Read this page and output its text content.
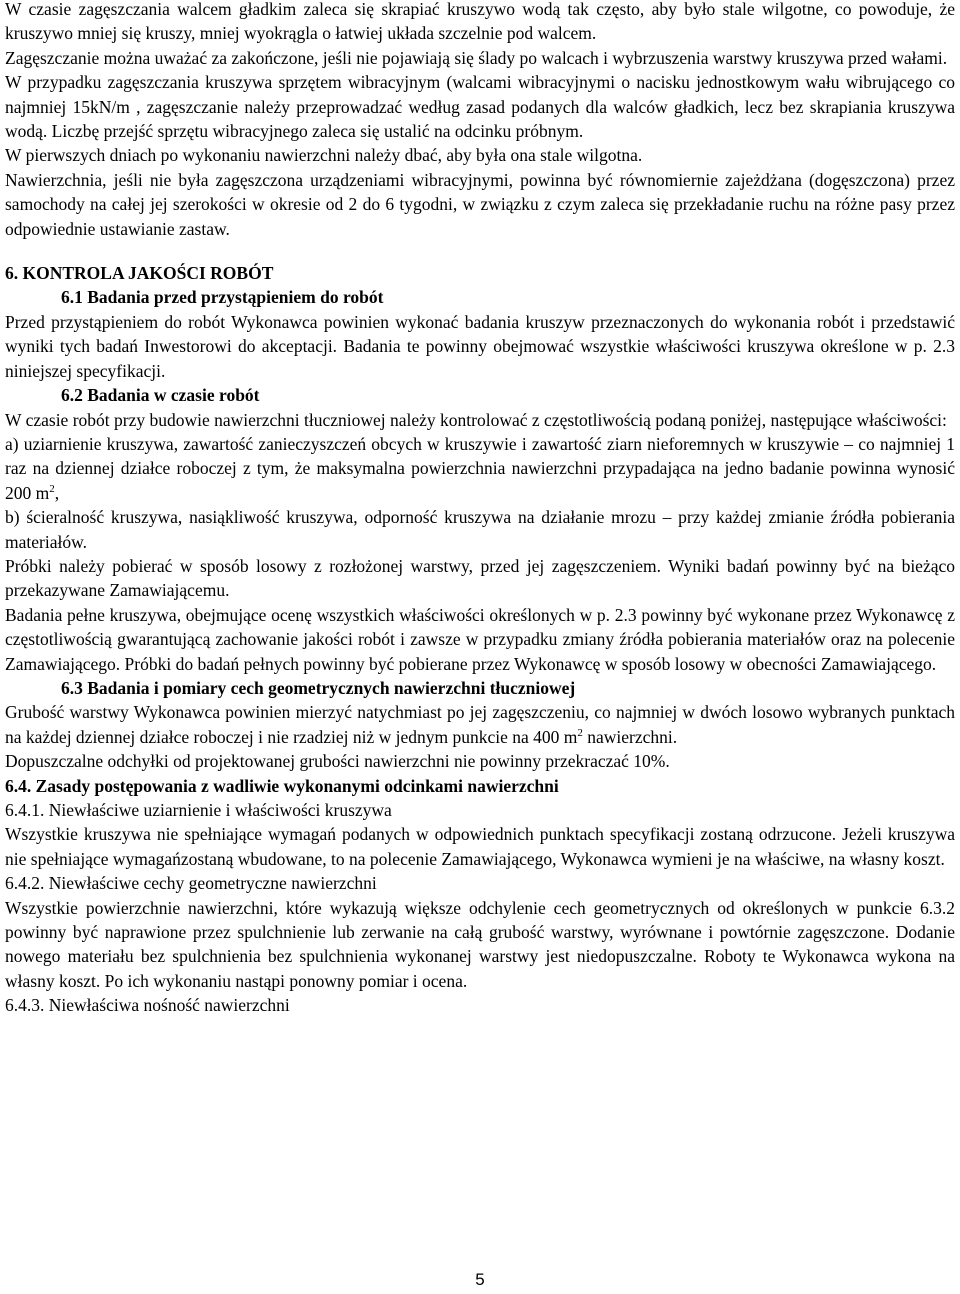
W czasie zagęszczania walcem gładkim zaleca się skrapiać kruszywo wodą tak często, aby było stale wilgotne, co powoduje, że kruszywo mniej się kruszy, mniej wyokrągla o łatwiej układa szczelnie pod walcem.

Zagęszczanie można uważać za zakończone, jeśli nie pojawiają się ślady po walcach i wybrzuszenia warstwy kruszywa przed wałami.

W przypadku zagęszczania kruszywa sprzętem wibracyjnym (walcami wibracyjnymi o nacisku jednostkowym wału wibrującego co najmniej 15kN/m , zagęszczanie należy przeprowadzać według zasad podanych dla walców gładkich, lecz bez skrapiania kruszywa wodą. Liczbę przejść sprzętu wibracyjnego zaleca się ustalić na odcinku próbnym.

W pierwszych dniach po wykonaniu nawierzchni należy dbać, aby była ona stale wilgotna.

Nawierzchnia, jeśli nie była zagęszczona urządzeniami wibracyjnymi, powinna być równomiernie zajeżdżana (dogęszczona) przez samochody na całej jej szerokości w okresie od 2 do 6 tygodni, w związku z czym zaleca się przekładanie ruchu na różne pasy przez odpowiednie ustawianie zastaw.

6. KONTROLA JAKOŚCI ROBÓT
6.1 Badania przed przystąpieniem do robót

Przed przystąpieniem do robót Wykonawca powinien wykonać badania kruszyw przeznaczonych do wykonania robót i przedstawić wyniki tych badań Inwestorowi do akceptacji. Badania te powinny obejmować wszystkie właściwości kruszywa określone w p. 2.3 niniejszej specyfikacji.

6.2 Badania w czasie robót

W czasie robót przy budowie nawierzchni tłuczniowej należy kontrolować z częstotliwością podaną poniżej, następujące właściwości:

a) uziarnienie kruszywa, zawartość zanieczyszczeń obcych w kruszywie i zawartość ziarn nieforemnych w kruszywie – co najmniej 1 raz na dziennej działce roboczej z tym, że maksymalna powierzchnia nawierzchni przypadająca na jedno badanie powinna wynosić 200 $m^2$,

b) ścieralność kruszywa, nasiąkliwość kruszywa, odporność kruszywa na działanie mrozu – przy każdej zmianie źródła pobierania materiałów.

Próbki należy pobierać w sposób losowy z rozłożonej warstwy, przed jej zagęszczeniem. Wyniki badań powinny być na bieżąco przekazywane Zamawiającemu.

Badania pełne kruszywa, obejmujące ocenę wszystkich właściwości określonych w p. 2.3 powinny być wykonane przez Wykonawcę z częstotliwością gwarantującą zachowanie jakości robót i zawsze w przypadku zmiany źródła pobierania materiałów oraz na polecenie Zamawiającego. Próbki do badań pełnych powinny być pobierane przez Wykonawcę w sposób losowy w obecności Zamawiającego.

6.3 Badania i pomiary cech geometrycznych nawierzchni tłuczniowej

Grubość warstwy Wykonawca powinien mierzyć natychmiast po jej zagęszczeniu, co najmniej w dwóch losowo wybranych punktach na każdej dziennej działce roboczej i nie rzadziej niż w jednym punkcie na 400 $m^2$ nawierzchni.

Dopuszczalne odchyłki od projektowanej grubości nawierzchni nie powinny przekraczać 10%.

6.4. Zasady postępowania z wadliwie wykonanymi odcinkami nawierzchni

6.4.1. Niewłaściwe uziarnienie i właściwości kruszywa

Wszystkie kruszywa nie spełniające wymagań podanych w odpowiednich punktach specyfikacji zostaną odrzucone. Jeżeli kruszywa nie spełniające wymagańzostaną wbudowane, to na polecenie Zamawiającego, Wykonawca wymieni je na właściwe, na własny koszt.

6.4.2. Niewłaściwe cechy geometryczne nawierzchni

Wszystkie powierzchnie nawierzchni, które wykazują większe odchylenie cech geometrycznych od określonych w punkcie 6.3.2 powinny być naprawione przez spulchnienie lub zerwanie na całą grubość warstwy, wyrównane i powtórnie zagęszczone. Dodanie nowego materiału bez spulchnienia bez spulchnienia wykonanej warstwy jest niedopuszczalne. Roboty te Wykonawca wykona na własny koszt. Po ich wykonaniu nastąpi ponowny pomiar i ocena.

6.4.3. Niewłaściwa nośność nawierzchni

5
